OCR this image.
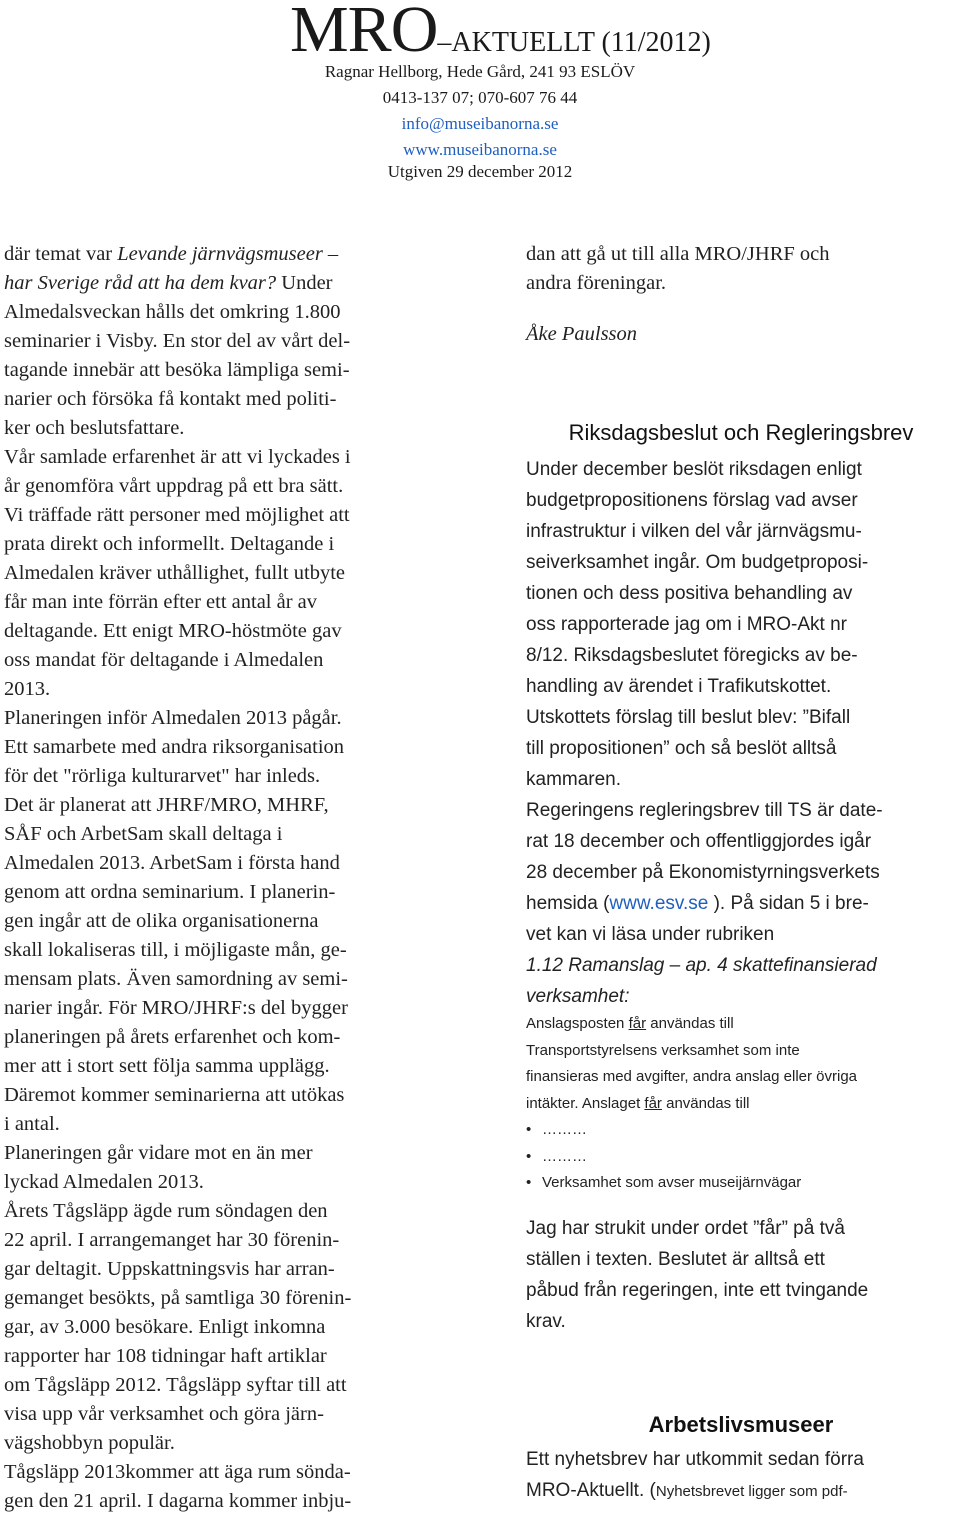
MRO–AKTUELLT (11/2012)
Ragnar Hellborg, Hede Gård, 241 93 ESLÖV
0413-137 07; 070-607 76 44
info@museibanorna.se
www.museibanorna.se
Utgiven 29 december 2012

där temat var Levande järnvägsmuseer –

har Sverige råd att ha dem kvar? Under

Almedalsveckan hålls det omkring 1.800

seminarier i Visby. En stor del av vårt del-

tagande innebär att besöka lämpliga semi-

narier och försöka få kontakt med politi-

ker och beslutsfattare.

Vår samlade erfarenhet är att vi lyckades i

år genomföra vårt uppdrag på ett bra sätt.

Vi träffade rätt personer med möjlighet att

prata direkt och informellt. Deltagande i

Almedalen kräver uthållighet, fullt utbyte

får man inte förrän efter ett antal år av

deltagande. Ett enigt MRO-höstmöte gav

oss mandat för deltagande i Almedalen

2013.

Planeringen inför Almedalen 2013 pågår.

Ett samarbete med andra riksorganisation

för det "rörliga kulturarvet" har inleds.

Det är planerat att JHRF/MRO, MHRF,

SÅF och ArbetSam skall deltaga i

Almedalen 2013. ArbetSam i första hand

genom att ordna seminarium. I planerin-

gen ingår att de olika organisationerna

skall lokaliseras till, i möjligaste mån, ge-

mensam plats. Även samordning av semi-

narier ingår. För MRO/JHRF:s del bygger

planeringen på årets erfarenhet och kom-

mer att i stort sett följa samma upplägg.

Däremot kommer seminarierna att utökas

i antal.

Planeringen går vidare mot en än mer

lyckad Almedalen 2013.

Årets Tågsläpp ägde rum söndagen den

22 april. I arrangemanget har 30 förenin-

gar deltagit. Uppskattningsvis har arran-

gemanget besökts, på samtliga 30 förenin-

gar, av 3.000 besökare. Enligt inkomna

rapporter har 108 tidningar haft artiklar

om Tågsläpp 2012. Tågsläpp syftar till att

visa upp vår verksamhet och göra järn-

vägshobbyn populär.

Tågsläpp 2013kommer att äga rum sönda-

gen den 21 april. I dagarna kommer inbju-

dan att gå ut till alla MRO/JHRF och

andra föreningar.

Åke Paulsson

Riksdagsbeslut och Regleringsbrev

Under december beslöt riksdagen enligt
budgetpropositionens förslag vad avser
infrastruktur i vilken del vår järnvägsmu-
seiverksamhet ingår. Om budgetproposi-
tionen och dess positiva behandling av
oss rapporterade jag om i MRO-Akt nr
8/12. Riksdagsbeslutet föregicks av be-
handling av ärendet i Trafikutskottet.
Utskottets förslag till beslut blev: ”Bifall
till propositionen” och så beslöt alltså
kammaren.
Regeringens regleringsbrev till TS är date-
rat 18 december och offentliggjordes igår
28 december på Ekonomistyrningsverkets
hemsida (www.esv.se ). På sidan 5 i bre-
vet kan vi läsa under rubriken
1.12 Ramanslag – ap. 4 skattefinansierad
verksamhet:
Anslagsposten får användas till
Transportstyrelsens verksamhet som inte
finansieras med avgifter, andra anslag eller övriga
intäkter. Anslaget får användas till
• ………
• ………
• Verksamhet som avser museijärnvägar
Jag har strukit under ordet ”får” på två
ställen i texten. Beslutet är alltså ett
påbud från regeringen, inte ett tvingande
krav.

Arbetslivsmuseer

Ett nyhetsbrev har utkommit sedan förra
MRO-Aktuellt. (Nyhetsbrevet ligger som pdf-
